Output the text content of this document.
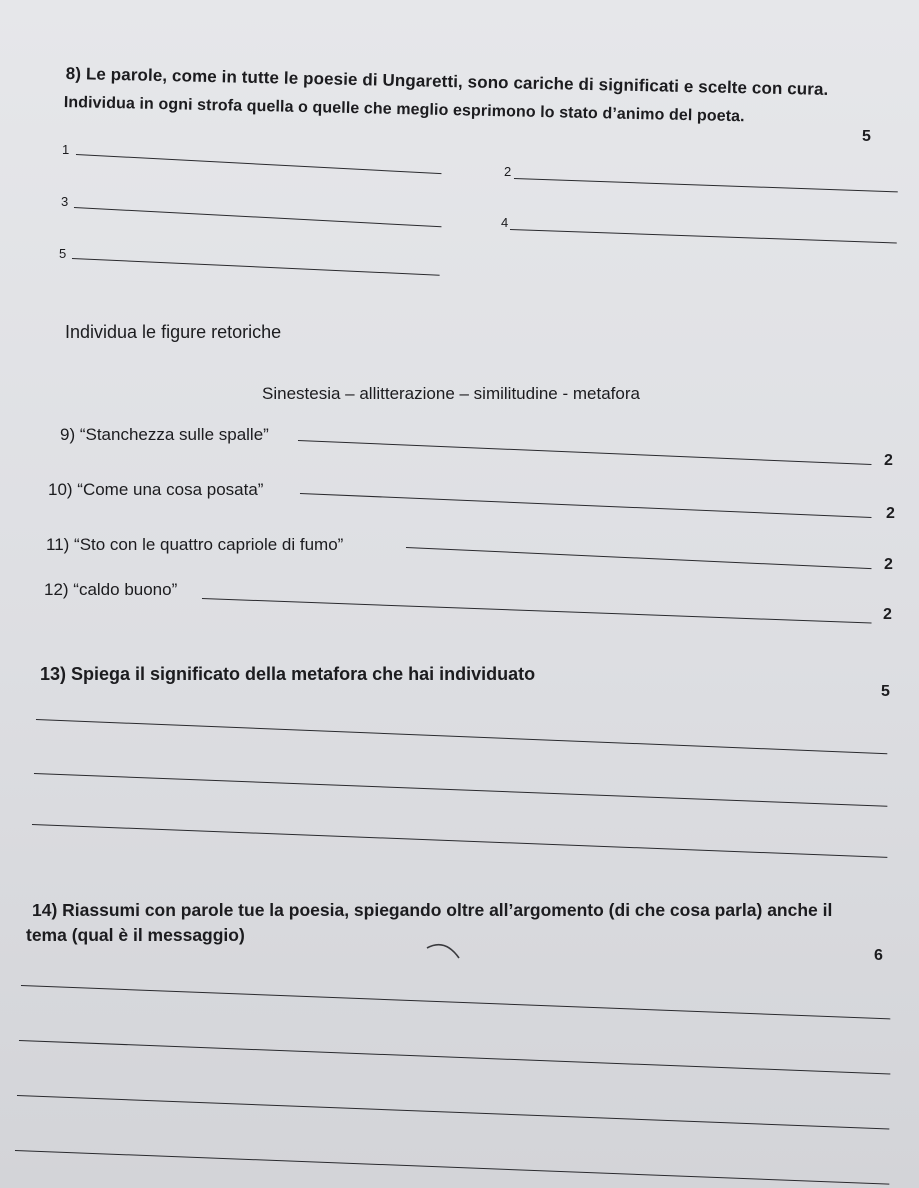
8) Le parole, come in tutte le poesie di Ungaretti, sono cariche di significati e scelte con cura.
Individua in ogni strofa quella o quelle che meglio esprimono lo stato d’animo del poeta.
5
1
2
3
4
5
Individua le figure retoriche
Sinestesia – allitterazione – similitudine - metafora
9) “Stanchezza sulle spalle”
2
10) “Come una cosa posata”
2
11) “Sto con le quattro capriole di fumo”
2
12) “caldo buono”
2
13) Spiega il significato della metafora che hai individuato
5
14) Riassumi con parole tue la poesia, spiegando oltre all’argomento (di che cosa parla) anche il
tema (qual è il messaggio)
6
